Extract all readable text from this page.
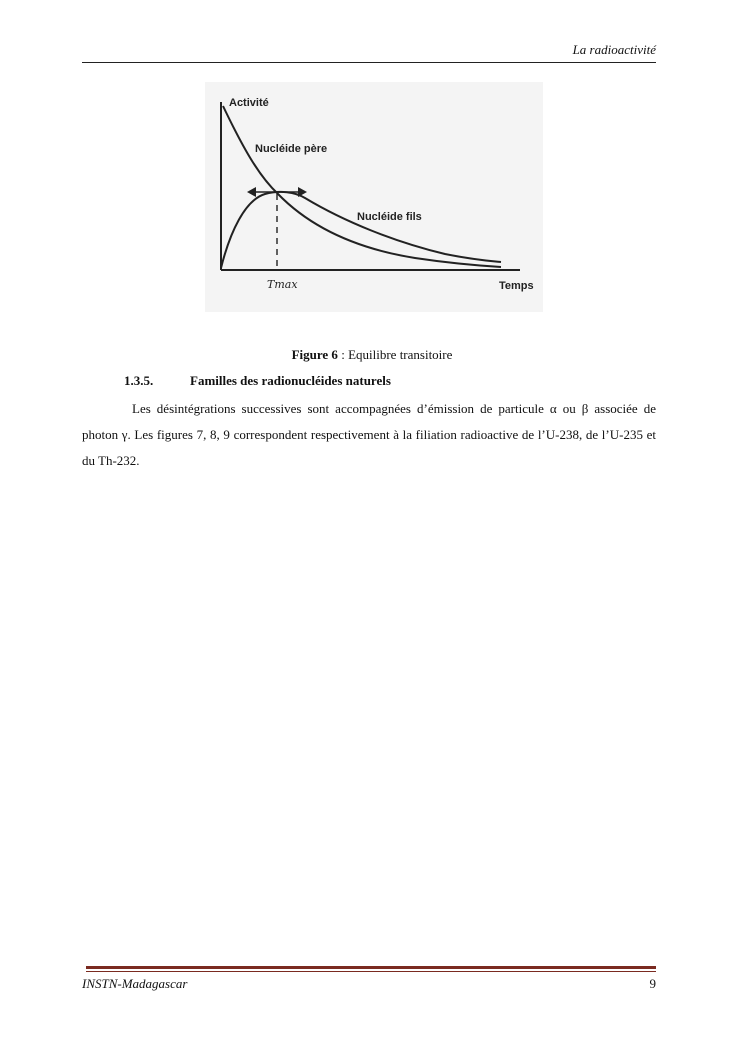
La radioactivité
Activité
Nucléide père
Nucléide fils
Temps
Tmax
Figure 6 : Equilibre transitoire
1.3.5.	Familles des radionucléides naturels
Les désintégrations successives sont accompagnées d’émission de particule α ou β associée de photon γ. Les figures 7, 8, 9 correspondent respectivement à la filiation radioactive de l’U-238, de l’U-235 et du Th-232.
INSTN-Madagascar	9
